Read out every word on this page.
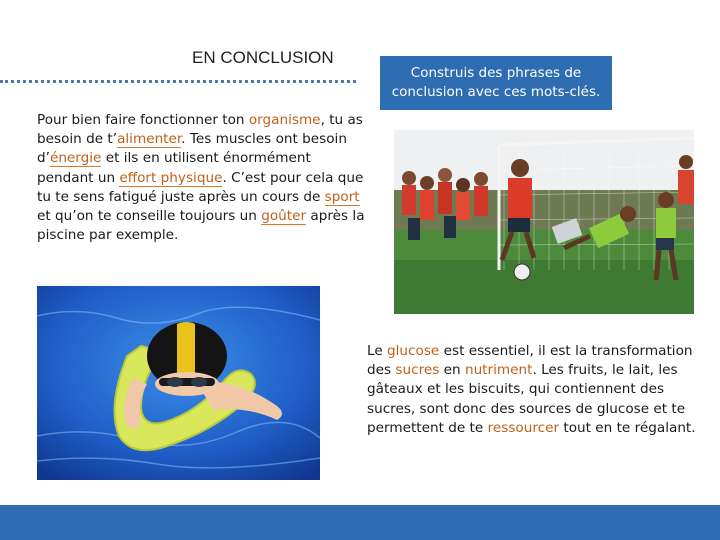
EN CONCLUSION
Construis des phrases de conclusion avec ces mots-clés.
Pour bien faire fonctionner ton organisme, tu as besoin de t’alimenter. Tes muscles ont besoin d’énergie et ils en utilisent énormément pendant un effort physique. C’est pour cela que tu te sens fatigué juste après un cours de sport et qu’on te conseille toujours un goûter après la piscine par exemple.
Le glucose est essentiel, il est la transformation des sucres en nutriment. Les fruits, le lait, les gâteaux et les biscuits, qui contiennent des sucres, sont donc des sources de glucose et te permettent de te ressourcer tout en te régalant.
